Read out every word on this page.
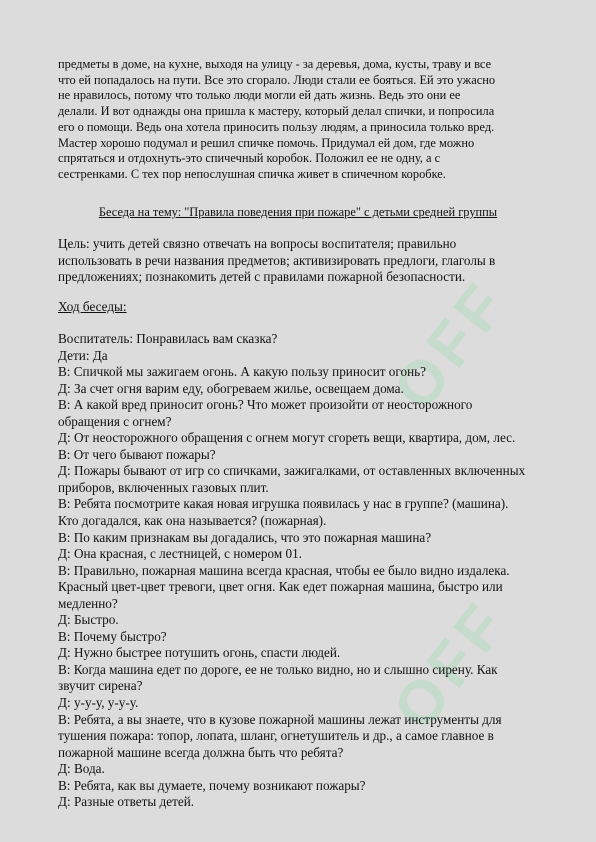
OFF
OFF
предметы в доме, на кухне, выходя на улицу - за деревья, дома, кусты, траву и все
что ей попадалось на пути. Все это сгорало. Люди стали ее бояться. Ей это ужасно
не нравилось, потому что только люди могли ей дать жизнь. Ведь это они ее
делали. И вот однажды она пришла к мастеру, который делал спички, и попросила
его о помощи. Ведь она хотела приносить пользу людям, а приносила только вред.
Мастер хорошо подумал и решил спичке помочь. Придумал ей дом, где можно
спрятаться и отдохнуть-это спичечный коробок. Положил ее не одну, а с
сестренками. С тех пор непослушная спичка живет в спичечном коробке.
Беседа на тему: "Правила поведения при пожаре" с детьми средней группы
Цель: учить детей связно отвечать на вопросы воспитателя; правильно
использовать в речи названия предметов; активизировать предлоги, глаголы в
предложениях; познакомить детей с правилами пожарной безопасности.
Ход беседы:
Воспитатель: Понравилась вам сказка?
Дети: Да
В: Спичкой мы зажигаем огонь. А какую пользу приносит огонь?
Д: За счет огня варим еду, обогреваем жилье, освещаем дома.
В: А какой вред приносит огонь? Что может произойти от неосторожного
обращения с огнем?
Д: От неосторожного обращения с огнем могут сгореть вещи, квартира, дом, лес.
В: От чего бывают пожары?
Д: Пожары бывают от игр со спичками, зажигалками, от оставленных включенных
приборов, включенных газовых плит.
В: Ребята посмотрите какая новая игрушка появилась у нас в группе? (машина).
Кто догадался, как она называется? (пожарная).
В: По каким признакам вы догадались, что это пожарная машина?
Д: Она красная, с лестницей, с номером 01.
В: Правильно, пожарная машина всегда красная, чтобы ее было видно издалека.
Красный цвет-цвет тревоги, цвет огня. Как едет пожарная машина, быстро или
медленно?
Д: Быстро.
В: Почему быстро?
Д: Нужно быстрее потушить огонь, спасти людей.
В: Когда машина едет по дороге, ее не только видно, но и слышно сирену. Как
звучит сирена?
Д: у-у-у, у-у-у.
В: Ребята, а вы знаете, что в кузове пожарной машины лежат инструменты для
тушения пожара: топор, лопата, шланг, огнетушитель и др., а самое главное в
пожарной машине всегда должна быть что ребята?
Д: Вода.
В: Ребята, как вы думаете, почему возникают пожары?
Д: Разные ответы детей.
